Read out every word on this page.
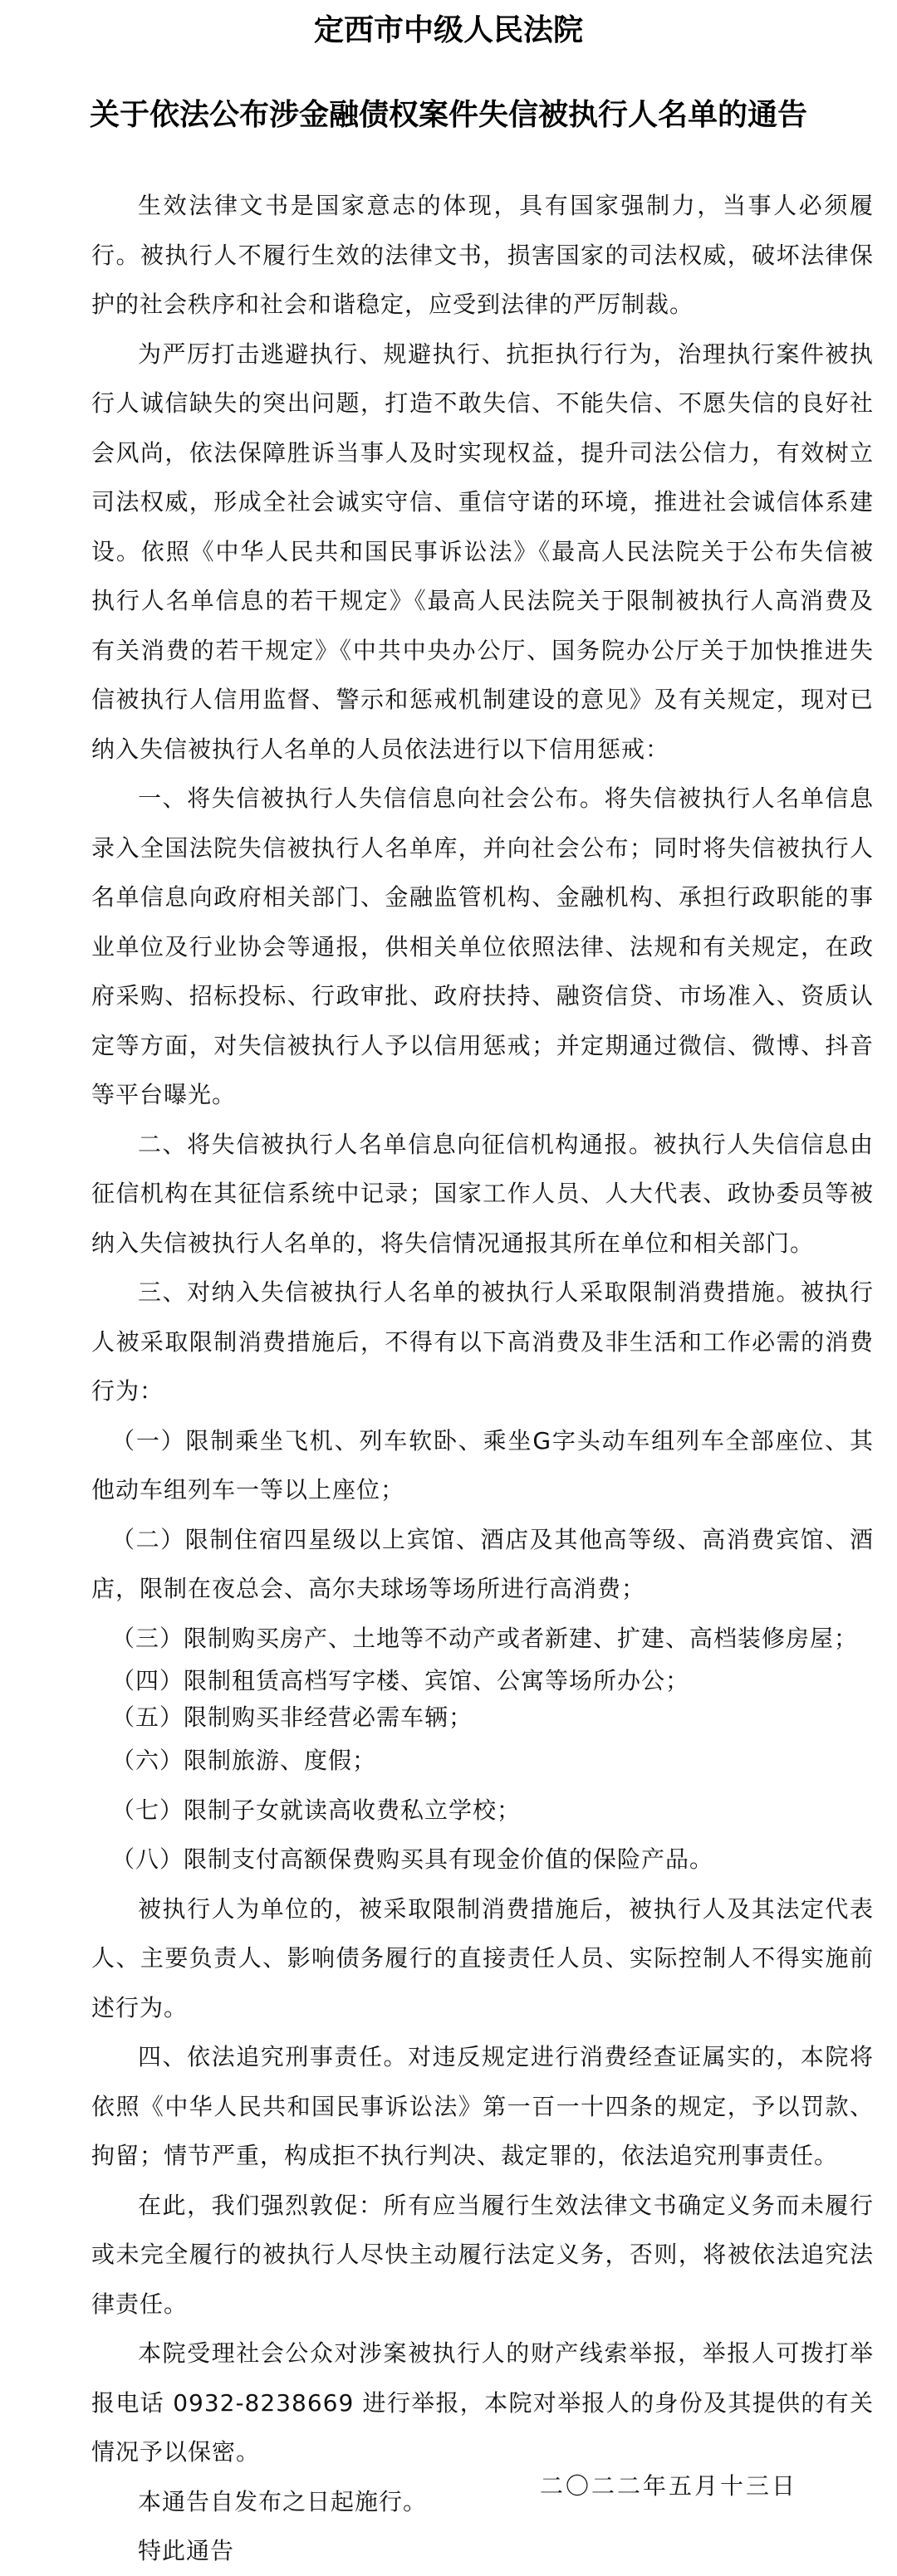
定西市中级人民法院
关于依法公布涉金融债权案件失信被执行人名单的通告

生效法律文书是国家意志的体现，具有国家强制力，当事人必须履行。被执行人不履行生效的法律文书，损害国家的司法权威，破坏法律保护的社会秩序和社会和谐稳定，应受到法律的严厉制裁。

为严厉打击逃避执行、规避执行、抗拒执行行为，治理执行案件被执行人诚信缺失的突出问题，打造不敢失信、不能失信、不愿失信的良好社会风尚，依法保障胜诉当事人及时实现权益，提升司法公信力，有效树立司法权威，形成全社会诚实守信、重信守诺的环境，推进社会诚信体系建设。依照《中华人民共和国民事诉讼法》《最高人民法院关于公布失信被执行人名单信息的若干规定》《最高人民法院关于限制被执行人高消费及有关消费的若干规定》《中共中央办公厅、国务院办公厅关于加快推进失信被执行人信用监督、警示和惩戒机制建设的意见》及有关规定，现对已纳入失信被执行人名单的人员依法进行以下信用惩戒：

一、将失信被执行人失信信息向社会公布。将失信被执行人名单信息录入全国法院失信被执行人名单库，并向社会公布；同时将失信被执行人名单信息向政府相关部门、金融监管机构、金融机构、承担行政职能的事业单位及行业协会等通报，供相关单位依照法律、法规和有关规定，在政府采购、招标投标、行政审批、政府扶持、融资信贷、市场准入、资质认定等方面，对失信被执行人予以信用惩戒；并定期通过微信、微博、抖音等平台曝光。

二、将失信被执行人名单信息向征信机构通报。被执行人失信信息由征信机构在其征信系统中记录；国家工作人员、人大代表、政协委员等被纳入失信被执行人名单的，将失信情况通报其所在单位和相关部门。

三、对纳入失信被执行人名单的被执行人采取限制消费措施。被执行人被采取限制消费措施后，不得有以下高消费及非生活和工作必需的消费行为：

（一）限制乘坐飞机、列车软卧、乘坐G字头动车组列车全部座位、其他动车组列车一等以上座位；

（二）限制住宿四星级以上宾馆、酒店及其他高等级、高消费宾馆、酒店，限制在夜总会、高尔夫球场等场所进行高消费；

（三）限制购买房产、土地等不动产或者新建、扩建、高档装修房屋；

（四）限制租赁高档写字楼、宾馆、公寓等场所办公；

（五）限制购买非经营必需车辆；

（六）限制旅游、度假；

（七）限制子女就读高收费私立学校；

（八）限制支付高额保费购买具有现金价值的保险产品。

被执行人为单位的，被采取限制消费措施后，被执行人及其法定代表人、主要负责人、影响债务履行的直接责任人员、实际控制人不得实施前述行为。

四、依法追究刑事责任。对违反规定进行消费经查证属实的，本院将依照《中华人民共和国民事诉讼法》第一百一十四条的规定，予以罚款、拘留；情节严重，构成拒不执行判决、裁定罪的，依法追究刑事责任。

在此，我们强烈敦促：所有应当履行生效法律文书确定义务而未履行或未完全履行的被执行人尽快主动履行法定义务，否则，将被依法追究法律责任。

本院受理社会公众对涉案被执行人的财产线索举报，举报人可拨打举报电话 0932-8238669 进行举报，本院对举报人的身份及其提供的有关情况予以保密。

本通告自发布之日起施行。

特此通告

二〇二二年五月十三日
